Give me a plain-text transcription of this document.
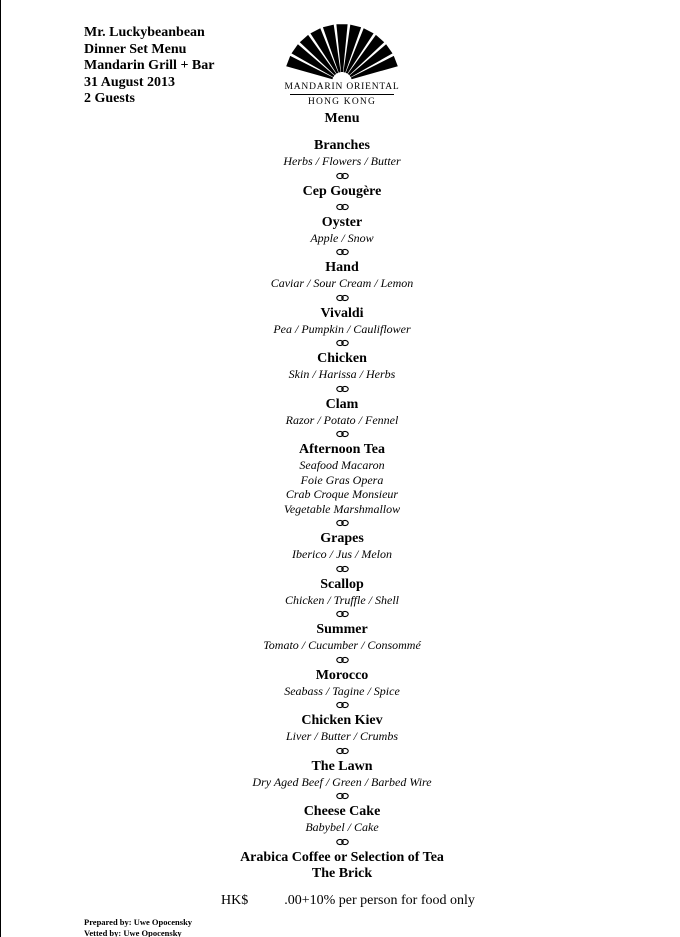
Mr. Luckybeanbean
Dinner Set Menu
Mandarin Grill + Bar
31 August 2013
2 Guests
MANDARIN ORIENTAL
HONG KONG
Menu
Branches
Herbs / Flowers / Butter
Cep Gougère
Oyster
Apple / Snow
Hand
Caviar / Sour Cream / Lemon
Vivaldi
Pea / Pumpkin / Cauliflower
Chicken
Skin / Harissa / Herbs
Clam
Razor / Potato / Fennel
Afternoon Tea
Seafood Macaron
Foie Gras Opera
Crab Croque Monsieur
Vegetable Marshmallow
Grapes
Iberico / Jus / Melon
Scallop
Chicken / Truffle / Shell
Summer
Tomato / Cucumber / Consommé
Morocco
Seabass / Tagine / Spice
Chicken Kiev
Liver / Butter / Crumbs
The Lawn
Dry Aged Beef / Green / Barbed Wire
Cheese Cake
Babybel / Cake
Arabica Coffee or Selection of Tea
The Brick
HK$	.00+10% per person for food only
Prepared by: Uwe Opocensky
Vetted by: Uwe Opocensky
